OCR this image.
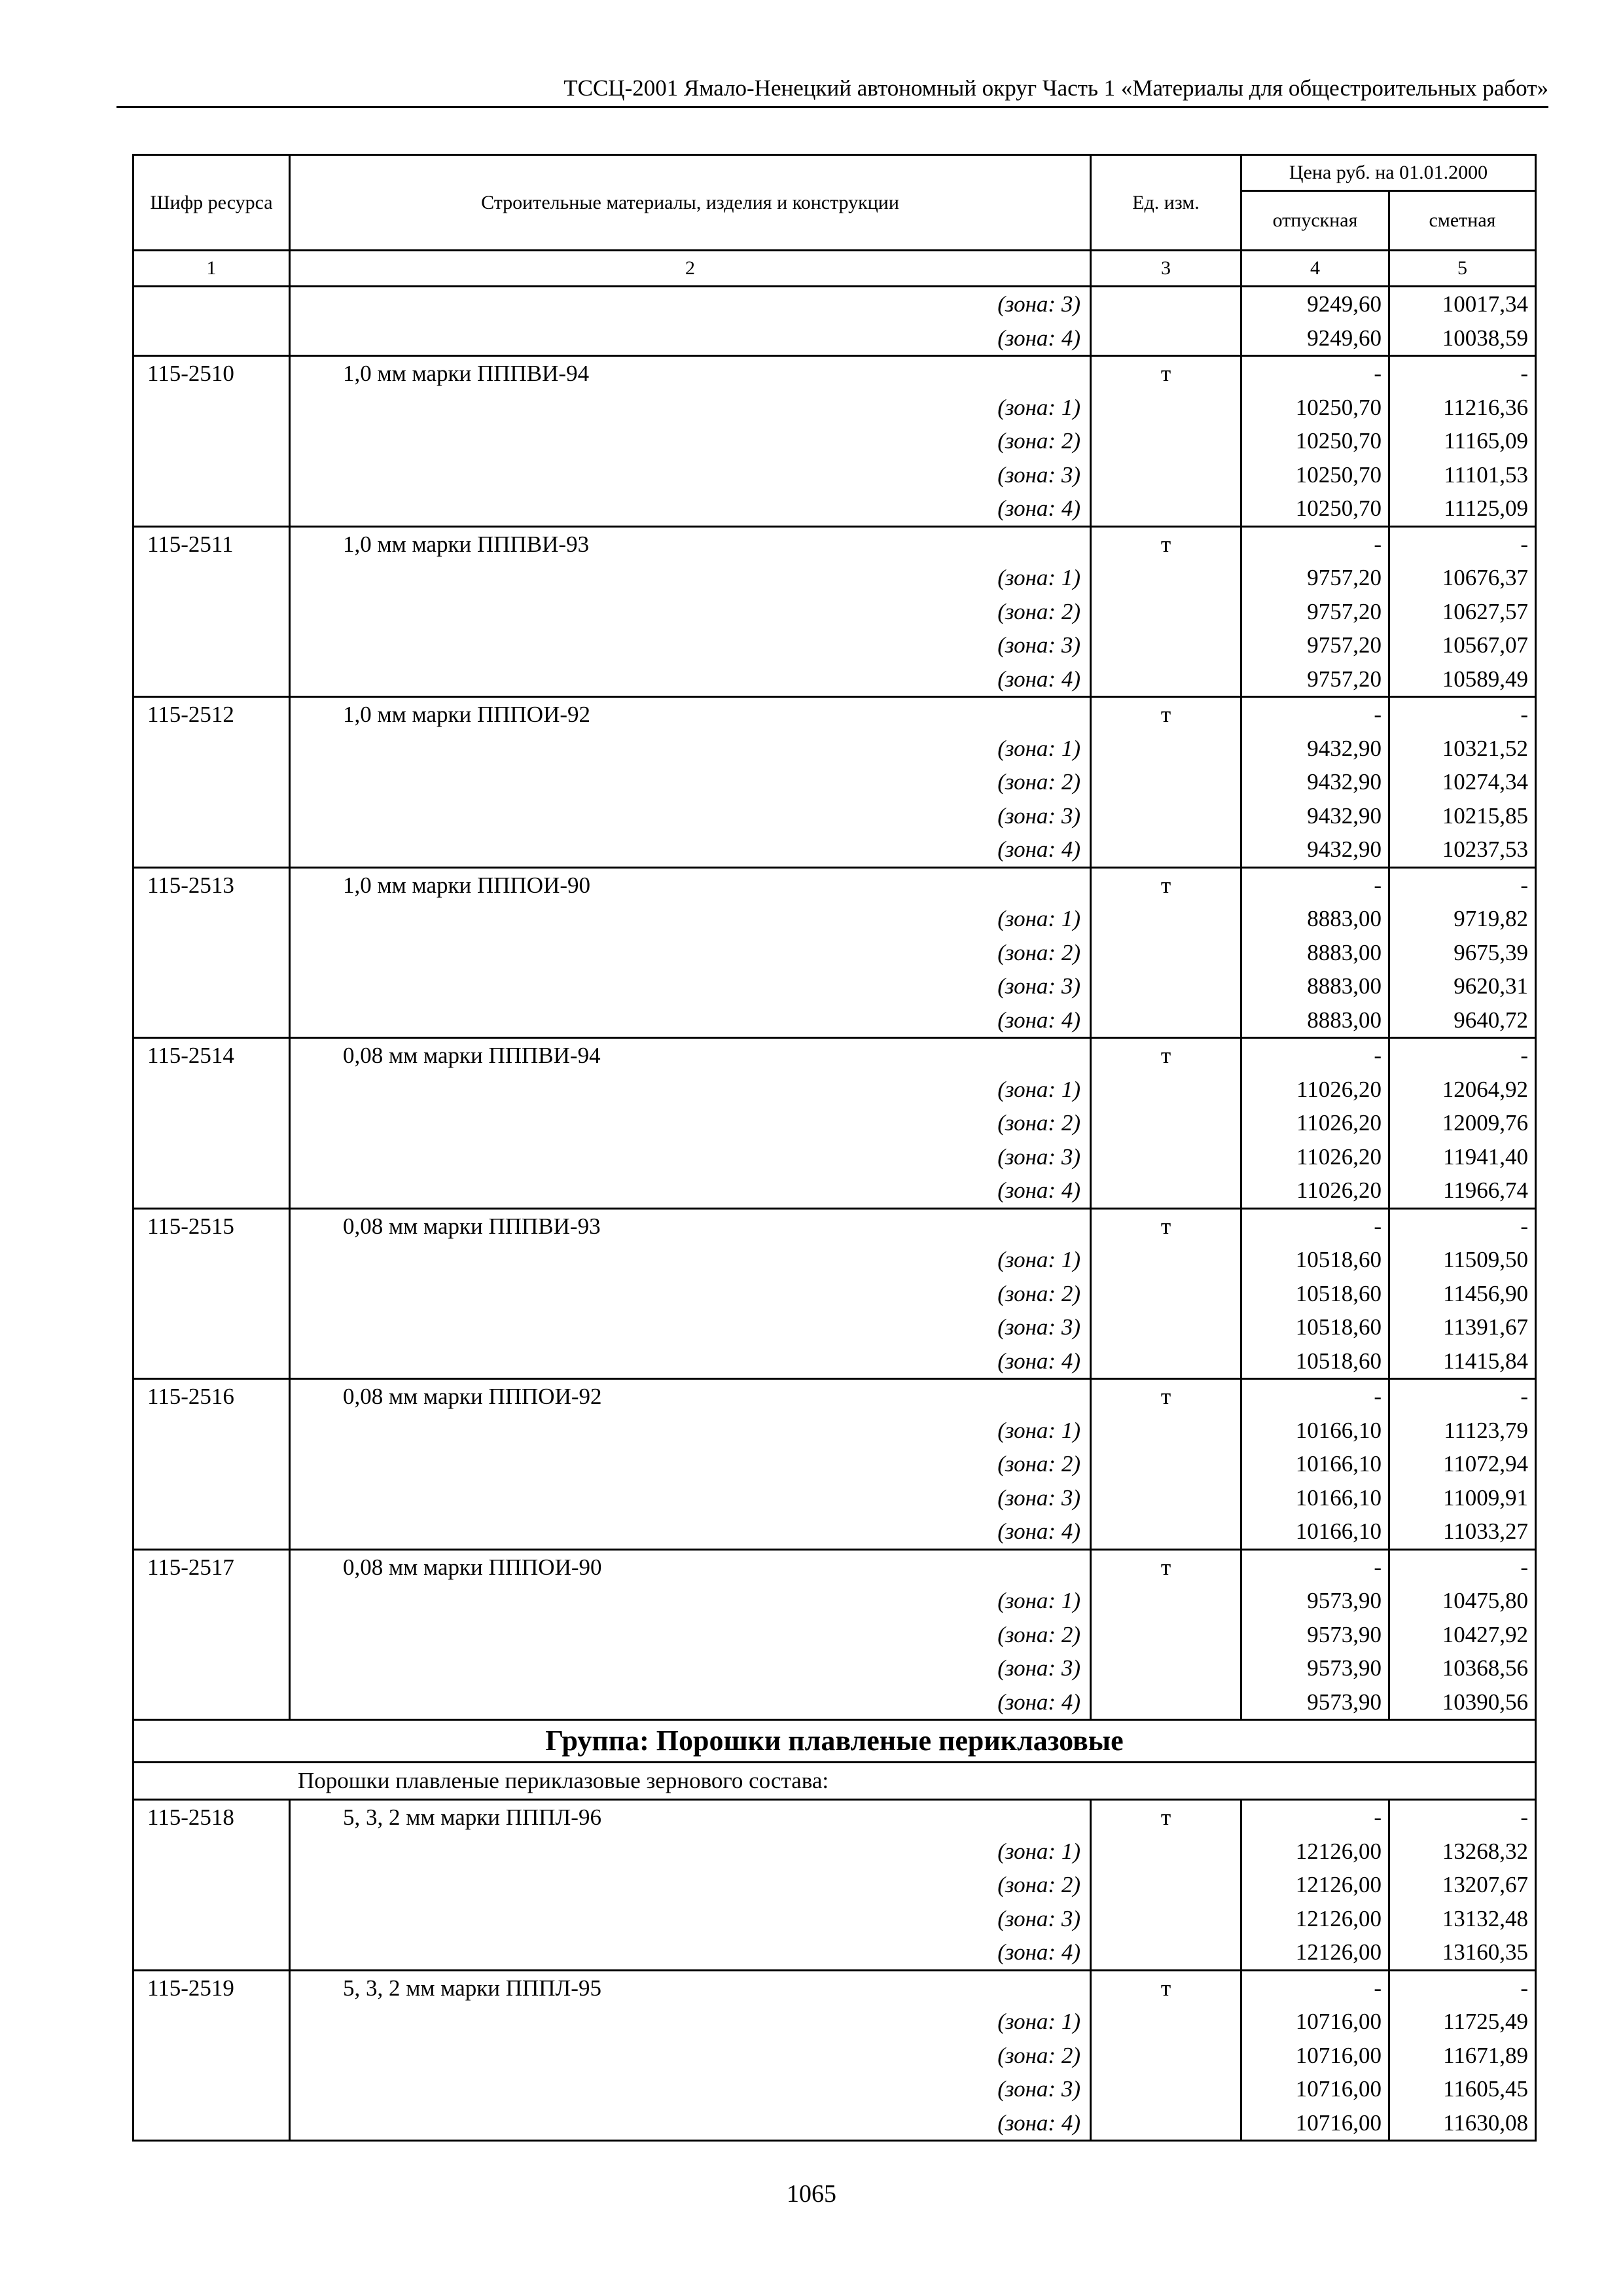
ТССЦ-2001 Ямало-Ненецкий автономный округ Часть 1 «Материалы для общестроительных работ»
Шифр ресурса	Строительные материалы, изделия и конструкции	Ед. изм.	Цена руб. на 01.01.2000	
			отпускная	сметная
1	2	3	4	5
	(зона: 3)		9249,60	10017,34
	(зона: 4)		9249,60	10038,59
115-2510	1,0 мм марки ПППВИ-94	т	-	-
	(зона: 1)		10250,70	11216,36
	(зона: 2)		10250,70	11165,09
	(зона: 3)		10250,70	11101,53
	(зона: 4)		10250,70	11125,09
115-2511	1,0 мм марки ПППВИ-93	т	-	-
	(зона: 1)		9757,20	10676,37
	(зона: 2)		9757,20	10627,57
	(зона: 3)		9757,20	10567,07
	(зона: 4)		9757,20	10589,49
115-2512	1,0 мм марки ПППОИ-92	т	-	-
	(зона: 1)		9432,90	10321,52
	(зона: 2)		9432,90	10274,34
	(зона: 3)		9432,90	10215,85
	(зона: 4)		9432,90	10237,53
115-2513	1,0 мм марки ПППОИ-90	т	-	-
	(зона: 1)		8883,00	9719,82
	(зона: 2)		8883,00	9675,39
	(зона: 3)		8883,00	9620,31
	(зона: 4)		8883,00	9640,72
115-2514	0,08 мм марки ПППВИ-94	т	-	-
	(зона: 1)		11026,20	12064,92
	(зона: 2)		11026,20	12009,76
	(зона: 3)		11026,20	11941,40
	(зона: 4)		11026,20	11966,74
115-2515	0,08 мм марки ПППВИ-93	т	-	-
	(зона: 1)		10518,60	11509,50
	(зона: 2)		10518,60	11456,90
	(зона: 3)		10518,60	11391,67
	(зона: 4)		10518,60	11415,84
115-2516	0,08 мм марки ПППОИ-92	т	-	-
	(зона: 1)		10166,10	11123,79
	(зона: 2)		10166,10	11072,94
	(зона: 3)		10166,10	11009,91
	(зона: 4)		10166,10	11033,27
115-2517	0,08 мм марки ПППОИ-90	т	-	-
	(зона: 1)		9573,90	10475,80
	(зона: 2)		9573,90	10427,92
	(зона: 3)		9573,90	10368,56
	(зона: 4)		9573,90	10390,56
Группа: Порошки плавленые периклазовые				
Порошки плавленые периклазовые зернового состава:				
115-2518	5, 3, 2 мм марки ПППЛ-96	т	-	-
	(зона: 1)		12126,00	13268,32
	(зона: 2)		12126,00	13207,67
	(зона: 3)		12126,00	13132,48
	(зона: 4)		12126,00	13160,35
115-2519	5, 3, 2 мм марки ПППЛ-95	т	-	-
	(зона: 1)		10716,00	11725,49
	(зона: 2)		10716,00	11671,89
	(зона: 3)		10716,00	11605,45
	(зона: 4)		10716,00	11630,08
1065
